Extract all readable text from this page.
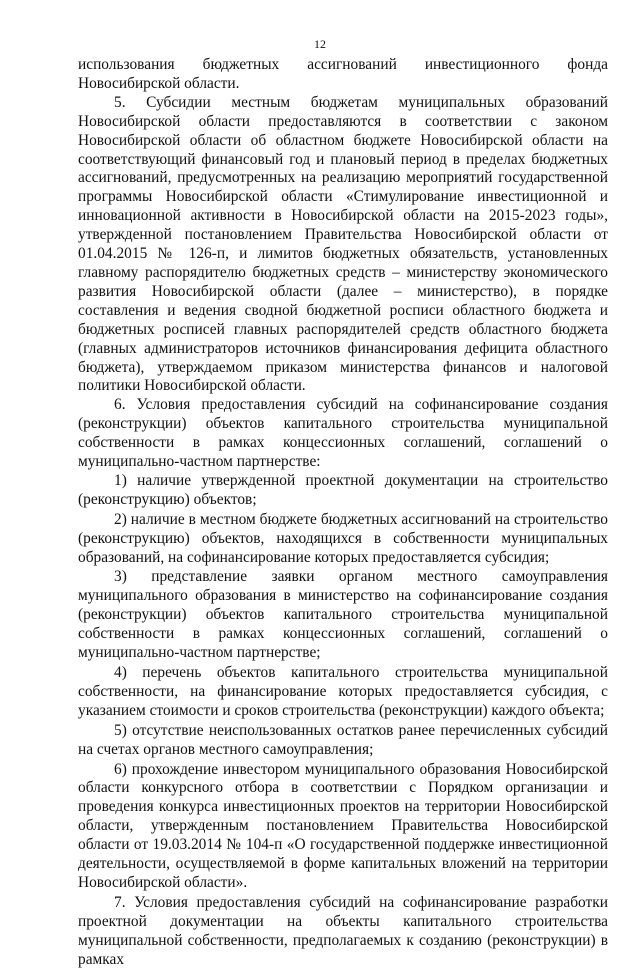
12

использования бюджетных ассигнований инвестиционного фонда Новосибирской области.

5. Субсидии местным бюджетам муниципальных образований Новосибирской области предоставляются в соответствии с законом Новосибирской области об областном бюджете Новосибирской области на соответствующий финансовый год и плановый период в пределах бюджетных ассигнований, предусмотренных на реализацию мероприятий государственной программы Новосибирской области «Стимулирование инвестиционной и инновационной активности в Новосибирской области на 2015-2023 годы», утвержденной постановлением Правительства Новосибирской области от 01.04.2015 № 126-п, и лимитов бюджетных обязательств, установленных главному распорядителю бюджетных средств – министерству экономического развития Новосибирской области (далее – министерство), в порядке составления и ведения сводной бюджетной росписи областного бюджета и бюджетных росписей главных распорядителей средств областного бюджета (главных администраторов источников финансирования дефицита областного бюджета), утверждаемом приказом министерства финансов и налоговой политики Новосибирской области.

6. Условия предоставления субсидий на софинансирование создания (реконструкции) объектов капитального строительства муниципальной собственности в рамках концессионных соглашений, соглашений о муниципально-частном партнерстве:

1) наличие утвержденной проектной документации на строительство (реконструкцию) объектов;

2) наличие в местном бюджете бюджетных ассигнований на строительство (реконструкцию) объектов, находящихся в собственности муниципальных образований, на софинансирование которых предоставляется субсидия;

3) представление заявки органом местного самоуправления муниципального образования в министерство на софинансирование создания (реконструкции) объектов капитального строительства муниципальной собственности в рамках концессионных соглашений, соглашений о муниципально-частном партнерстве;

4) перечень объектов капитального строительства муниципальной собственности, на финансирование которых предоставляется субсидия, с указанием стоимости и сроков строительства (реконструкции) каждого объекта;

5) отсутствие неиспользованных остатков ранее перечисленных субсидий на счетах органов местного самоуправления;

6) прохождение инвестором муниципального образования Новосибирской области конкурсного отбора в соответствии с Порядком организации и проведения конкурса инвестиционных проектов на территории Новосибирской области, утвержденным постановлением Правительства Новосибирской области от 19.03.2014 № 104-п «О государственной поддержке инвестиционной деятельности, осуществляемой в форме капитальных вложений на территории Новосибирской области».

7. Условия предоставления субсидий на софинансирование разработки проектной документации на объекты капитального строительства муниципальной собственности, предполагаемых к созданию (реконструкции) в рамках
